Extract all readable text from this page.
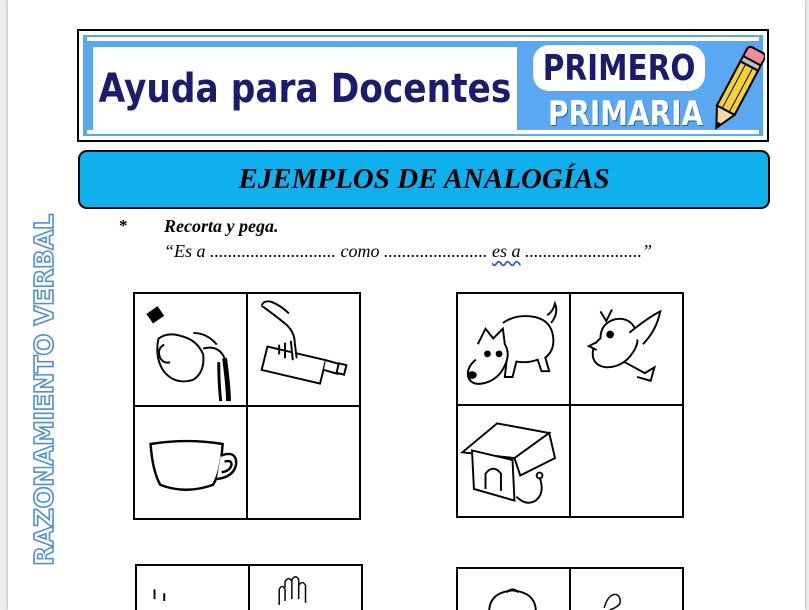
Ayuda para Docentes PRIMERO
PRIMARIA
EJEMPLOS DE ANALOGÍAS
RAZONAMIENTO VERBAL	* Recorta y pega.
“Es a ............................ como ....................... es a ..........................”
